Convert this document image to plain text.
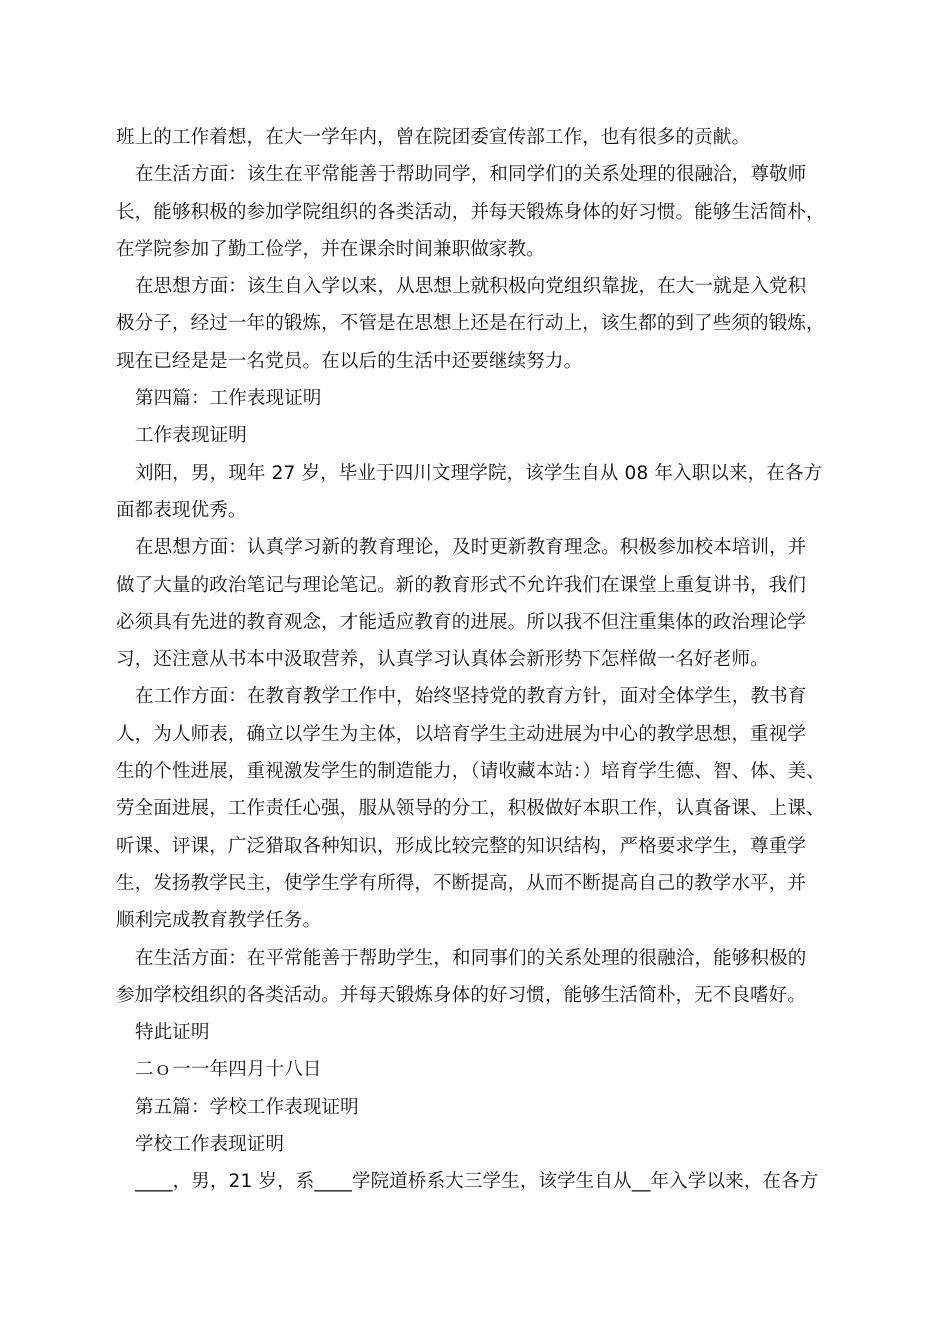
班上的工作着想，在大一学年内，曾在院团委宣传部工作，也有很多的贡献。
在生活方面：该生在平常能善于帮助同学，和同学们的关系处理的很融洽，尊敬师
长，能够积极的参加学院组织的各类活动，并每天锻炼身体的好习惯。能够生活简朴，
在学院参加了勤工俭学，并在课余时间兼职做家教。
在思想方面：该生自入学以来，从思想上就积极向党组织靠拢，在大一就是入党积
极分子，经过一年的锻炼，不管是在思想上还是在行动上，该生都的到了些须的锻炼，
现在已经是是一名党员。在以后的生活中还要继续努力。
第四篇：工作表现证明
工作表现证明
刘阳，男，现年 27 岁，毕业于四川文理学院，该学生自从 08 年入职以来，在各方
面都表现优秀。
在思想方面：认真学习新的教育理论，及时更新教育理念。积极参加校本培训，并
做了大量的政治笔记与理论笔记。新的教育形式不允许我们在课堂上重复讲书，我们
必须具有先进的教育观念，才能适应教育的进展。所以我不但注重集体的政治理论学
习，还注意从书本中汲取营养，认真学习认真体会新形势下怎样做一名好老师。
在工作方面：在教育教学工作中，始终坚持党的教育方针，面对全体学生，教书育
人，为人师表，确立以学生为主体，以培育学生主动进展为中心的教学思想，重视学
生的个性进展，重视激发学生的制造能力，（请收藏本站：）培育学生德、智、体、美、
劳全面进展，工作责任心强，服从领导的分工，积极做好本职工作，认真备课、上课、
听课、评课，广泛猎取各种知识，形成比较完整的知识结构，严格要求学生，尊重学
生，发扬教学民主，使学生学有所得，不断提高，从而不断提高自己的教学水平，并
顺利完成教育教学任务。
在生活方面：在平常能善于帮助学生，和同事们的关系处理的很融洽，能够积极的
参加学校组织的各类活动。并每天锻炼身体的好习惯，能够生活简朴，无不良嗜好。
特此证明
二ｏ一一年四月十八日
第五篇：学校工作表现证明
学校工作表现证明
____，男，21 岁，系____学院道桥系大三学生，该学生自从__年入学以来，在各方
